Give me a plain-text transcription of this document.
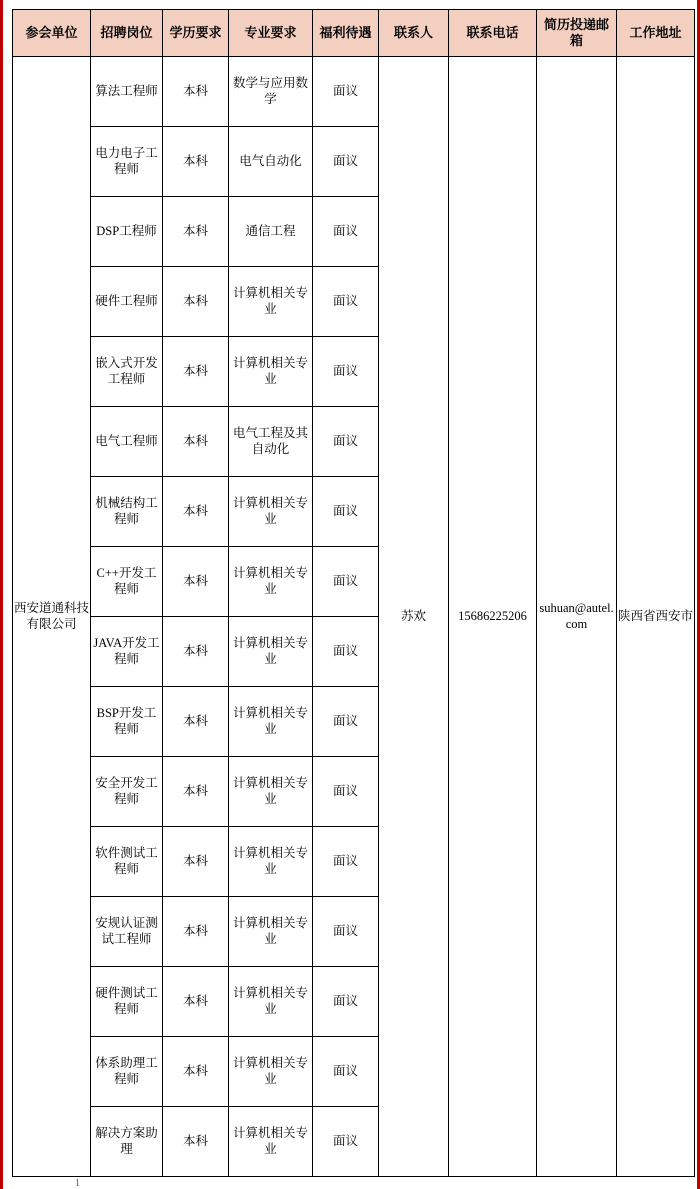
参会单位	招聘岗位	学历要求	专业要求	福利待遇	联系人	联系电话	简历投递邮箱	工作地址
西安道通科技有限公司	算法工程师	本科	数学与应用数学	面议	苏欢	15686225206	suhuan@autel.com	陕西省西安市
	电力电子工程师	本科	电气自动化	面议				
	DSP工程师	本科	通信工程	面议				
	硬件工程师	本科	计算机相关专业	面议				
	嵌入式开发工程师	本科	计算机相关专业	面议				
	电气工程师	本科	电气工程及其自动化	面议				
	机械结构工程师	本科	计算机相关专业	面议				
	C++开发工程师	本科	计算机相关专业	面议				
	JAVA开发工程师	本科	计算机相关专业	面议				
	BSP开发工程师	本科	计算机相关专业	面议				
	安全开发工程师	本科	计算机相关专业	面议				
	软件测试工程师	本科	计算机相关专业	面议				
	安规认证测试工程师	本科	计算机相关专业	面议				
	硬件测试工程师	本科	计算机相关专业	面议				
	体系助理工程师	本科	计算机相关专业	面议				
	解决方案助理	本科	计算机相关专业	面议				
1
